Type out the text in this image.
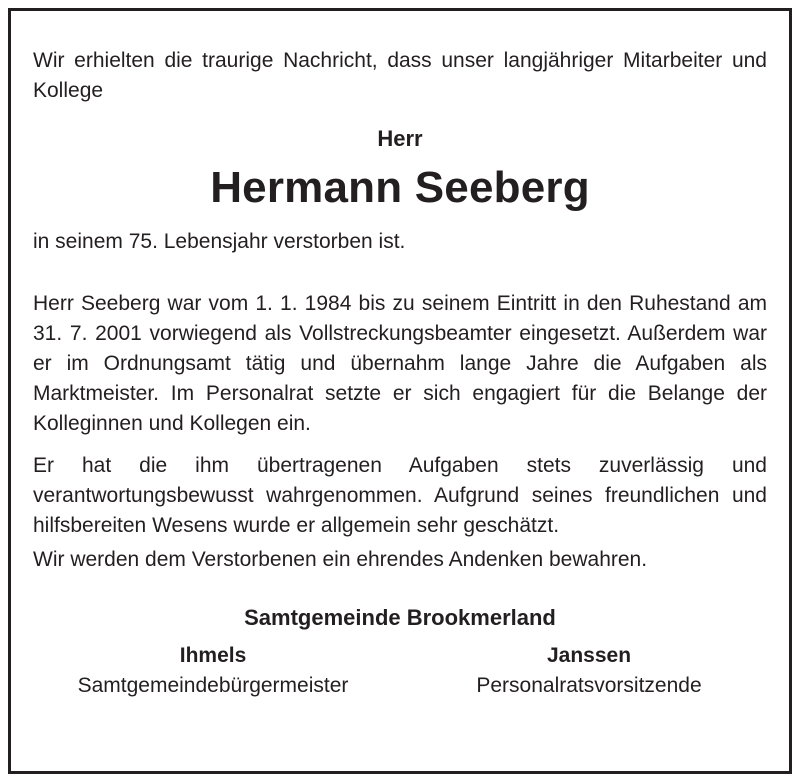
Wir erhielten die traurige Nachricht, dass unser langjähriger Mitarbeiter und Kollege

Herr

Hermann Seeberg

in seinem 75. Lebensjahr verstorben ist.

Herr Seeberg war vom 1. 1. 1984 bis zu seinem Eintritt in den Ruhestand am 31. 7. 2001 vorwiegend als Vollstreckungsbeamter eingesetzt. Außerdem war er im Ordnungsamt tätig und übernahm lange Jahre die Aufgaben als Marktmeister. Im Personalrat setzte er sich engagiert für die Belange der Kolleginnen und Kollegen ein.

Er hat die ihm übertragenen Aufgaben stets zuverlässig und verantwortungsbewusst wahrgenommen. Aufgrund seines freundlichen und hilfsbereiten Wesens wurde er allgemein sehr geschätzt.

Wir werden dem Verstorbenen ein ehrendes Andenken bewahren.

Samtgemeinde Brookmerland

Ihmels
Samtgemeindebürgermeister
Janssen
Personalratsvorsitzende
